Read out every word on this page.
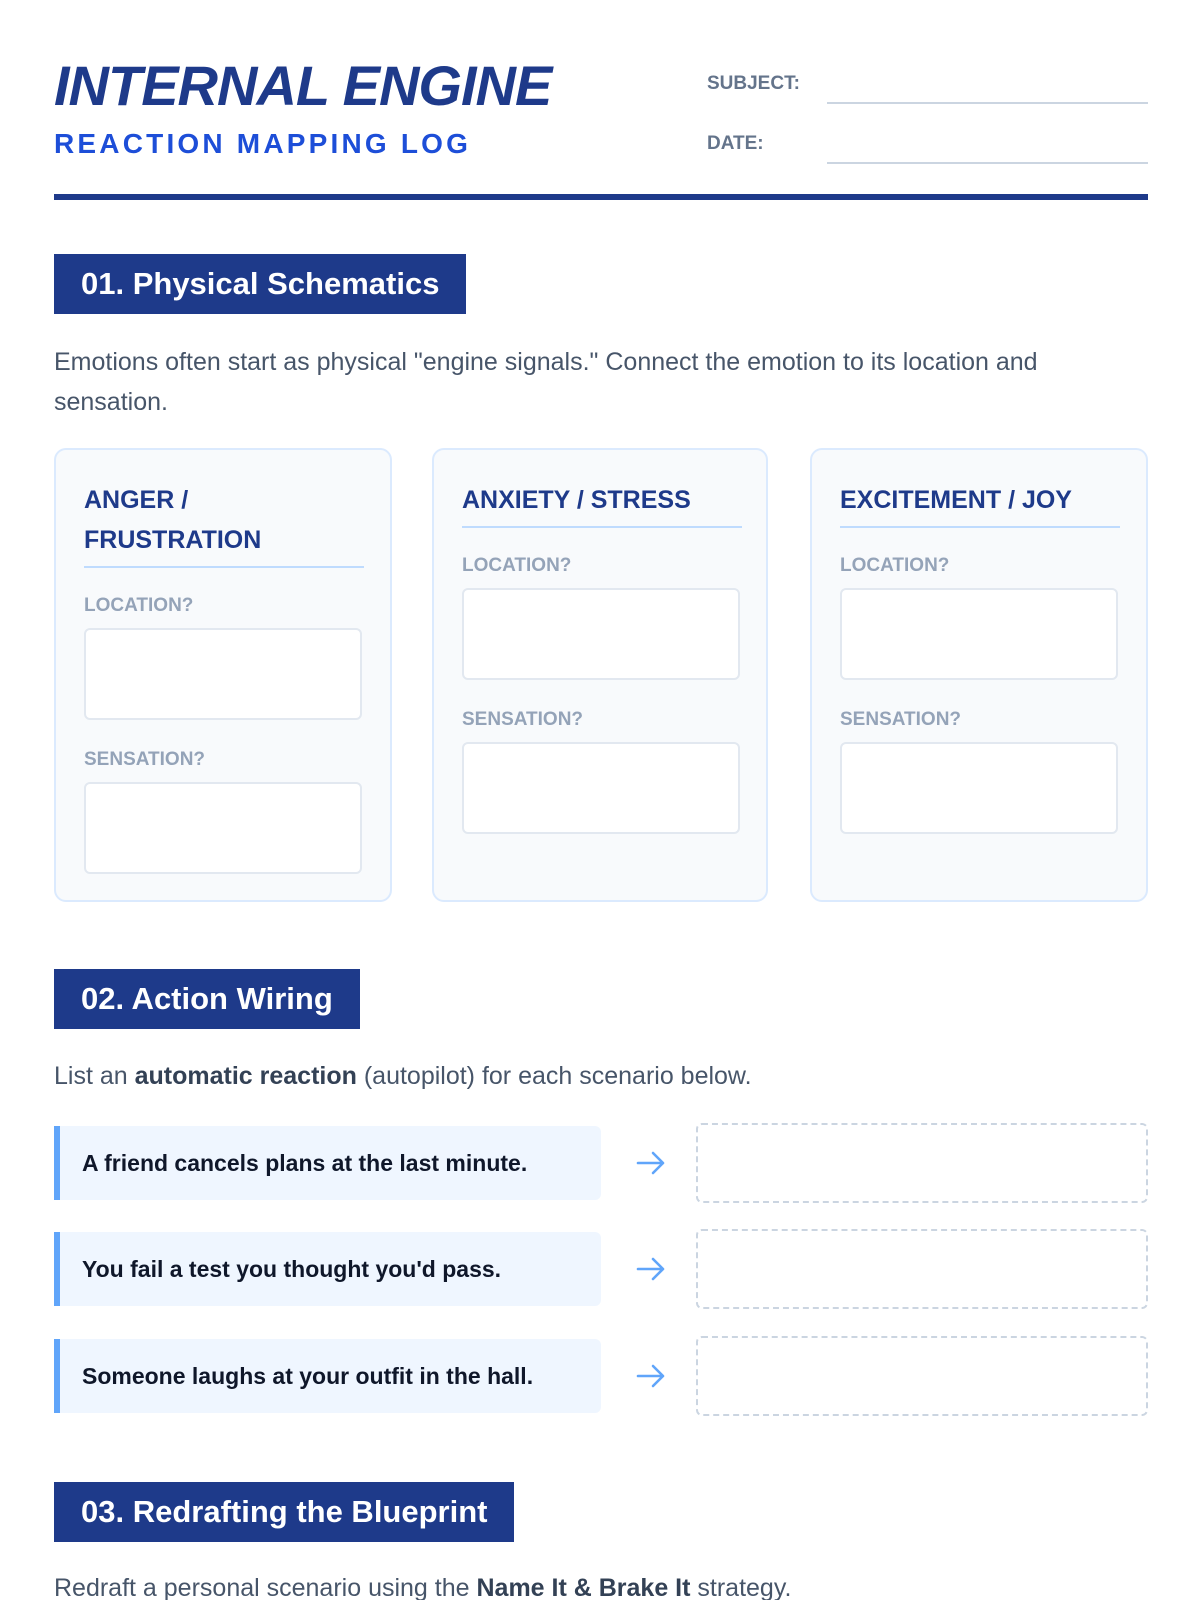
INTERNAL ENGINE
REACTION MAPPING LOG
SUBJECT:
DATE:
01. Physical Schematics
Emotions often start as physical "engine signals." Connect the emotion to its location and sensation.
ANGER / FRUSTRATION
LOCATION?
SENSATION?
ANXIETY / STRESS
LOCATION?
SENSATION?
EXCITEMENT / JOY
LOCATION?
SENSATION?
02. Action Wiring
List an automatic reaction (autopilot) for each scenario below.
A friend cancels plans at the last minute.
You fail a test you thought you'd pass.
Someone laughs at your outfit in the hall.
03. Redrafting the Blueprint
Redraft a personal scenario using the Name It & Brake It strategy.
